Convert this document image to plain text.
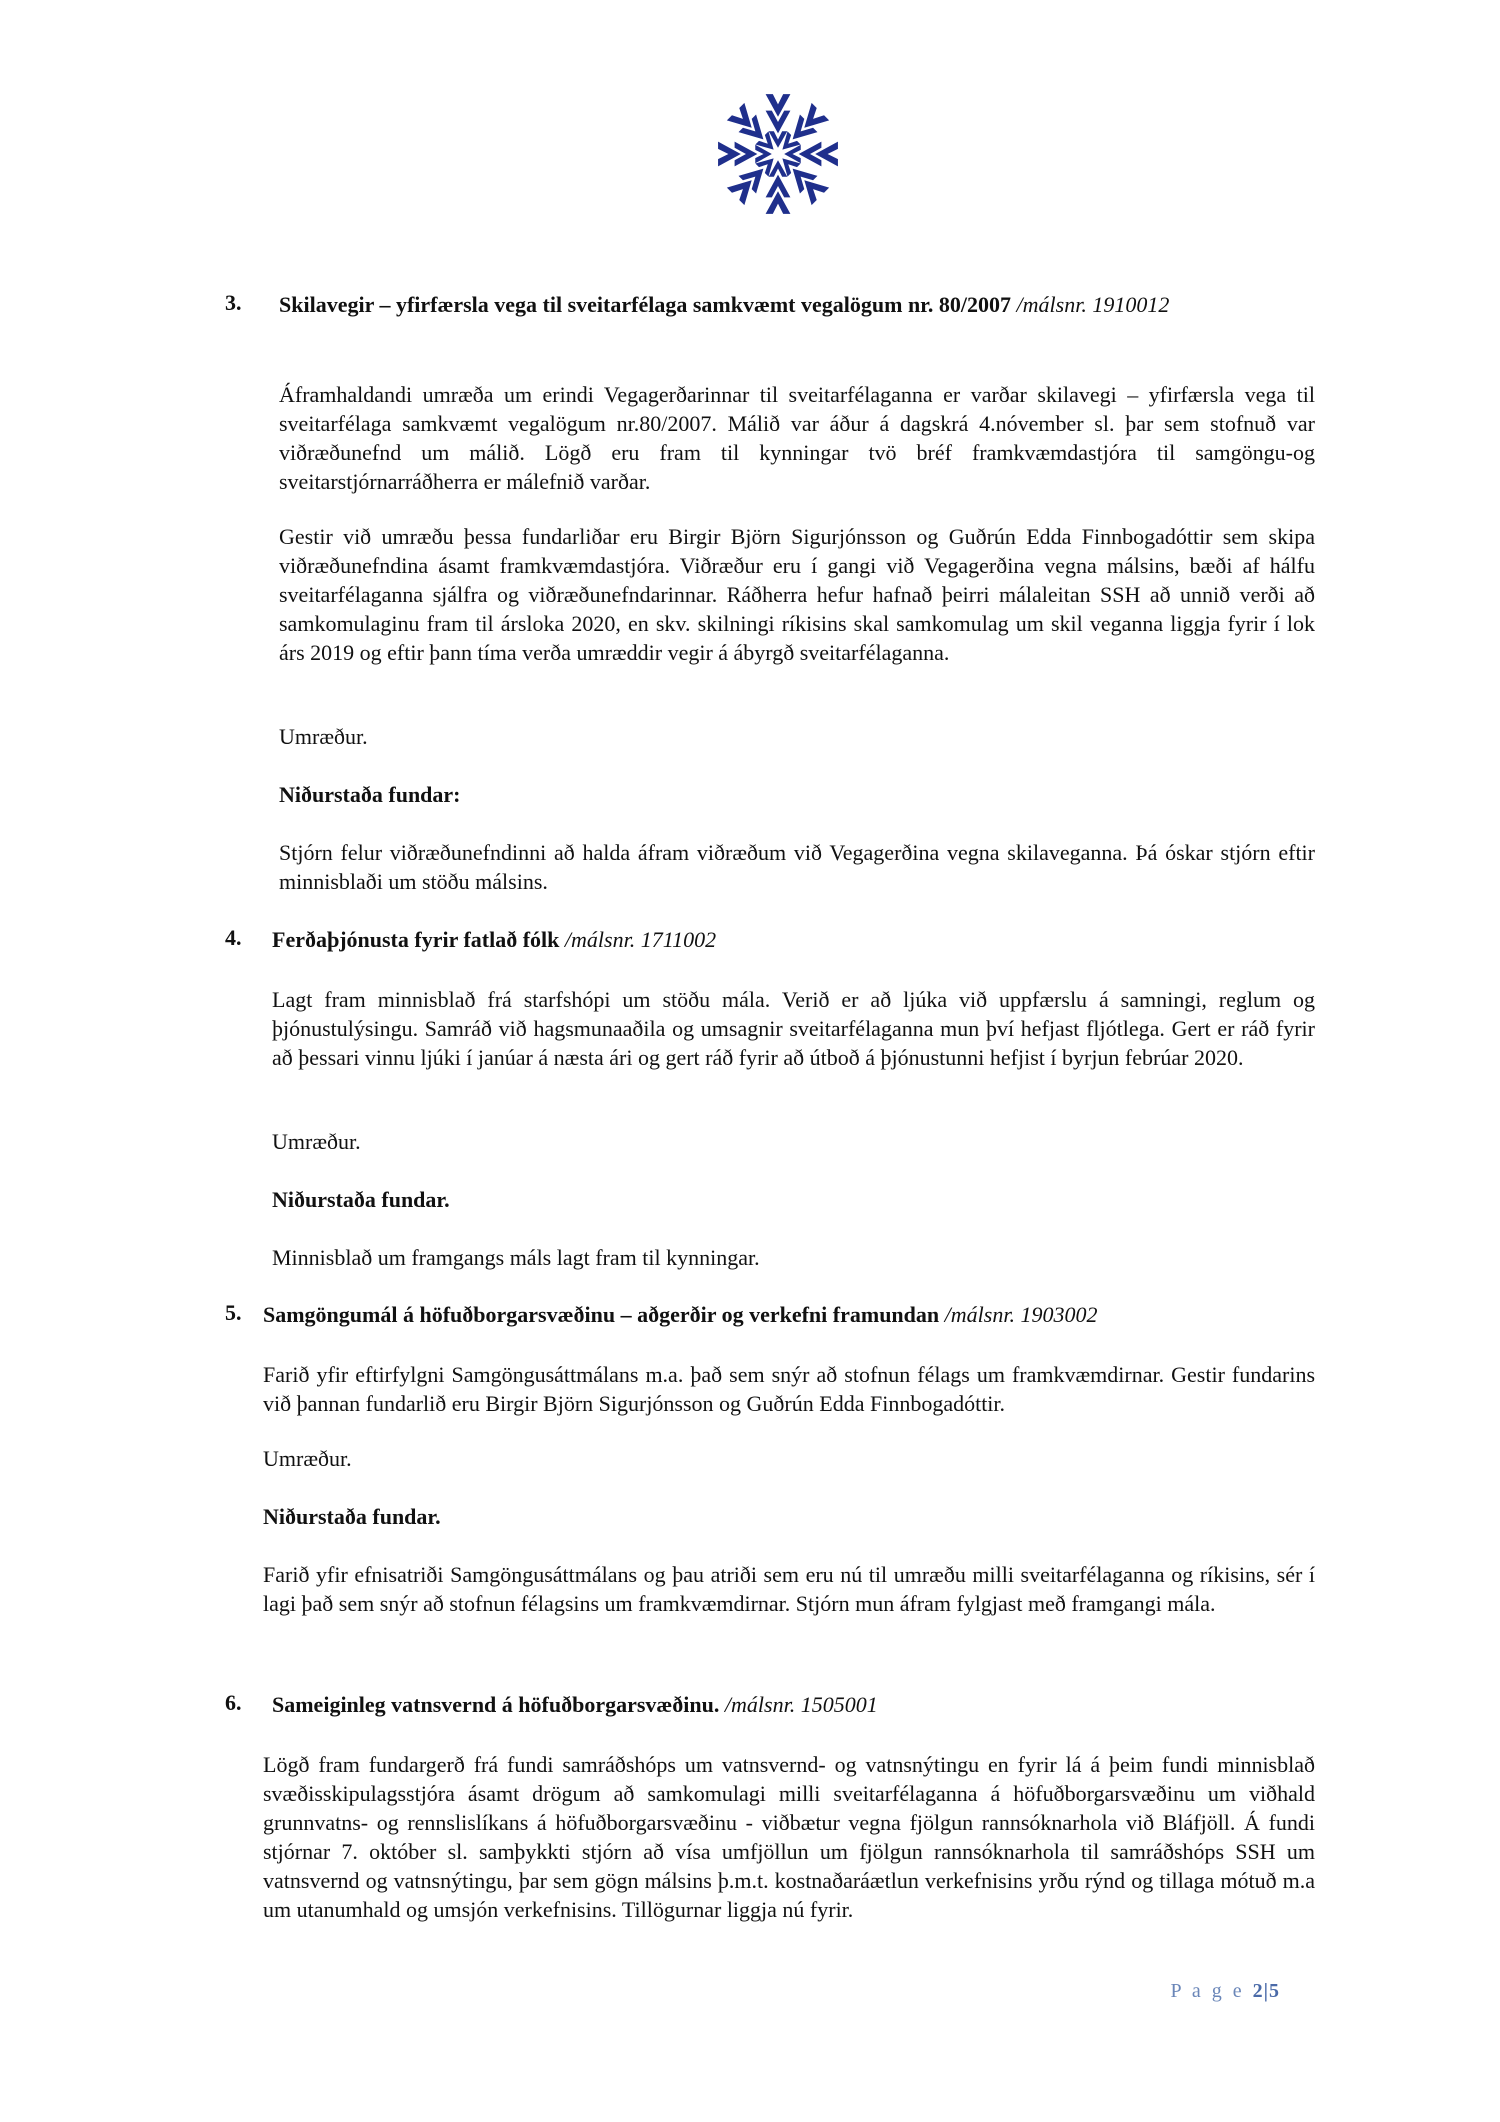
3. Skilavegir – yfirfærsla vega til sveitarfélaga samkvæmt vegalögum nr. 80/2007 /málsnr. 1910012
Áframhaldandi umræða um erindi Vegagerðarinnar til sveitarfélaganna er varðar skilavegi – yfirfærsla vega til sveitarfélaga samkvæmt vegalögum nr.80/2007. Málið var áður á dagskrá 4.nóvember sl. þar sem stofnuð var viðræðunefnd um málið. Lögð eru fram til kynningar tvö bréf framkvæmdastjóra til samgöngu-og sveitarstjórnarráðherra er málefnið varðar.
Gestir við umræðu þessa fundarliðar eru Birgir Björn Sigurjónsson og Guðrún Edda Finnbogadóttir sem skipa viðræðunefndina ásamt framkvæmdastjóra. Viðræður eru í gangi við Vegagerðina vegna málsins, bæði af hálfu sveitarfélaganna sjálfra og viðræðunefndarinnar. Ráðherra hefur hafnað þeirri málaleitan SSH að unnið verði að samkomulaginu fram til ársloka 2020, en skv. skilningi ríkisins skal samkomulag um skil veganna liggja fyrir í lok árs 2019 og eftir þann tíma verða umræddir vegir á ábyrgð sveitarfélaganna.
Umræður.
Niðurstaða fundar:
Stjórn felur viðræðunefndinni að halda áfram viðræðum við Vegagerðina vegna skilaveganna. Þá óskar stjórn eftir minnisblaði um stöðu málsins.
4. Ferðaþjónusta fyrir fatlað fólk /málsnr. 1711002
Lagt fram minnisblað frá starfshópi um stöðu mála. Verið er að ljúka við uppfærslu á samningi, reglum og þjónustulýsingu. Samráð við hagsmunaaðila og umsagnir sveitarfélaganna mun því hefjast fljótlega. Gert er ráð fyrir að þessari vinnu ljúki í janúar á næsta ári og gert ráð fyrir að útboð á þjónustunni hefjist í byrjun febrúar 2020.
Umræður.
Niðurstaða fundar.
Minnisblað um framgangs máls lagt fram til kynningar.
5. Samgöngumál á höfuðborgarsvæðinu – aðgerðir og verkefni framundan /málsnr. 1903002
Farið yfir eftirfylgni Samgöngusáttmálans m.a. það sem snýr að stofnun félags um framkvæmdirnar. Gestir fundarins við þannan fundarlið eru Birgir Björn Sigurjónsson og Guðrún Edda Finnbogadóttir.
Umræður.
Niðurstaða fundar.
Farið yfir efnisatriði Samgöngusáttmálans og þau atriði sem eru nú til umræðu milli sveitarfélaganna og ríkisins, sér í lagi það sem snýr að stofnun félagsins um framkvæmdirnar. Stjórn mun áfram fylgjast með framgangi mála.
6. Sameiginleg vatnsvernd á höfuðborgarsvæðinu. /málsnr. 1505001
Lögð fram fundargerð frá fundi samráðshóps um vatnsvernd- og vatnsnýtingu en fyrir lá á þeim fundi minnisblað svæðisskipulagsstjóra ásamt drögum að samkomulagi milli sveitarfélaganna á höfuðborgarsvæðinu um viðhald grunnvatns- og rennslislíkans á höfuðborgarsvæðinu - viðbætur vegna fjölgun rannsóknarhola við Bláfjöll. Á fundi stjórnar 7. október sl. samþykkti stjórn að vísa umfjöllun um fjölgun rannsóknarhola til samráðshóps SSH um vatnsvernd og vatnsnýtingu, þar sem gögn málsins þ.m.t. kostnaðaráætlun verkefnisins yrðu rýnd og tillaga mótuð m.a um utanumhald og umsjón verkefnisins. Tillögurnar liggja nú fyrir.
P a g e 2|5
